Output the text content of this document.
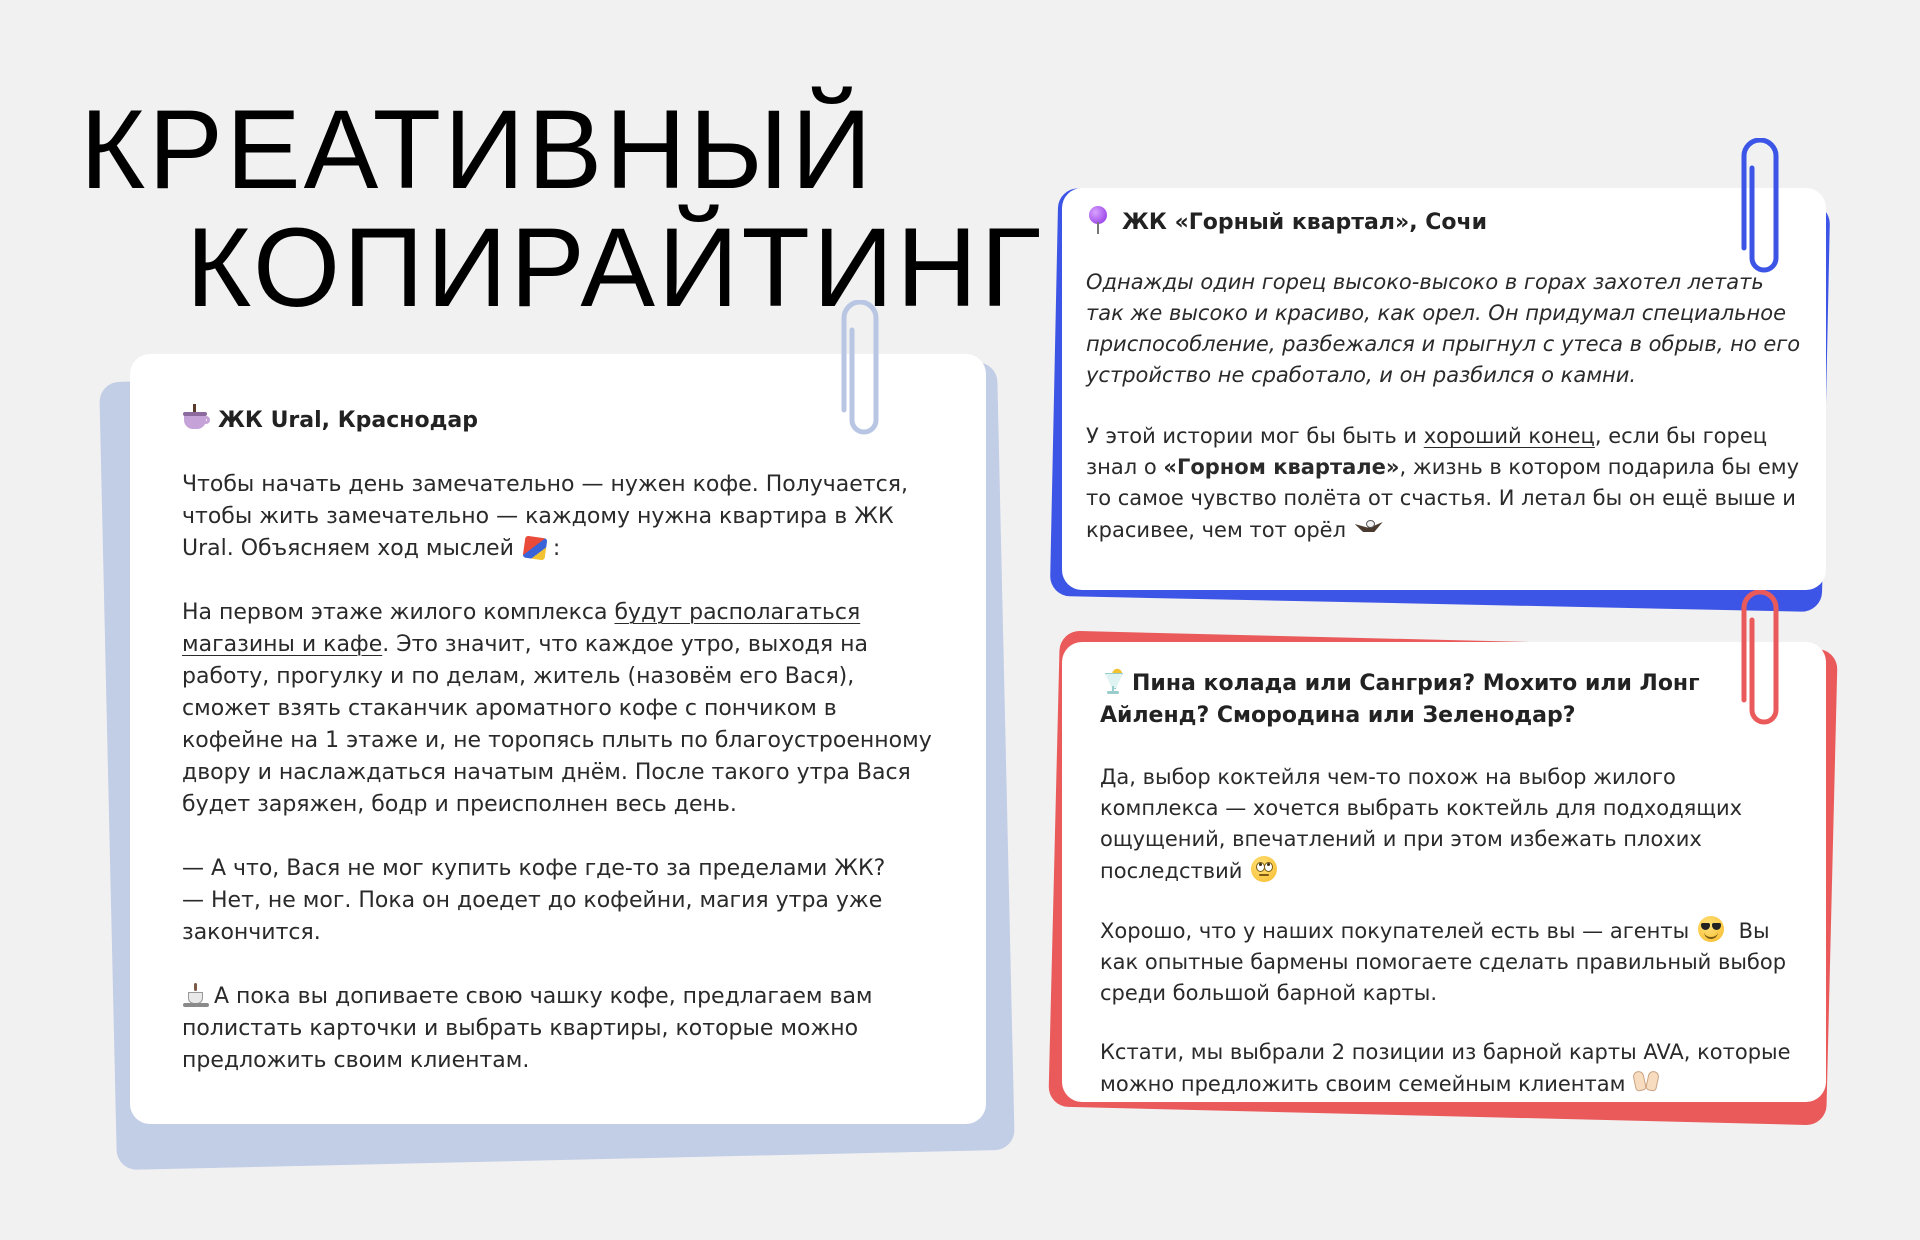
КРЕАТИВНЫЙ
КОПИРАЙТИНГ

ЖК Ural, Краснодар

Чтобы начать день замечательно — нужен кофе. Получается, чтобы жить замечательно — каждому нужна квартира в ЖК Ural. Объясняем ход мыслей :

На первом этаже жилого комплекса будут располагаться магазины и кафе. Это значит, что каждое утро, выходя на работу, прогулку и по делам, житель (назовём его Вася), сможет взять стаканчик ароматного кофе с пончиком в кофейне на 1 этаже и, не торопясь плыть по благоустроенному двору и наслаждаться начатым днём. После такого утра Вася будет заряжен, бодр и преисполнен весь день.

— А что, Вася не мог купить кофе где-то за пределами ЖК?

— Нет, не мог. Пока он доедет до кофейни, магия утра уже закончится.

А пока вы допиваете свою чашку кофе, предлагаем вам полистать карточки и выбрать квартиры, которые можно предложить своим клиентам.

ЖК «Горный квартал», Сочи

Однажды один горец высоко-высоко в горах захотел летать так же высоко и красиво, как орел. Он придумал специальное приспособление, разбежался и прыгнул с утеса в обрыв, но его устройство не сработало, и он разбился о камни.

У этой истории мог бы быть и хороший конец, если бы горец знал о «Горном квартале», жизнь в котором подарила бы ему то самое чувство полёта от счастья. И летал бы он ещё выше и красивее, чем тот орёл

Пина колада или Сангрия? Мохито или Лонг Айленд? Смородина или Зеленодар?

Да, выбор коктейля чем-то похож на выбор жилого комплекса — хочется выбрать коктейль для подходящих ощущений, впечатлений и при этом избежать плохих последствий

Хорошо, что у наших покупателей есть вы — агенты Вы как опытные бармены помогаете сделать правильный выбор среди большой барной карты.

Кстати, мы выбрали 2 позиции из барной карты AVA, которые можно предложить своим семейным клиентам
